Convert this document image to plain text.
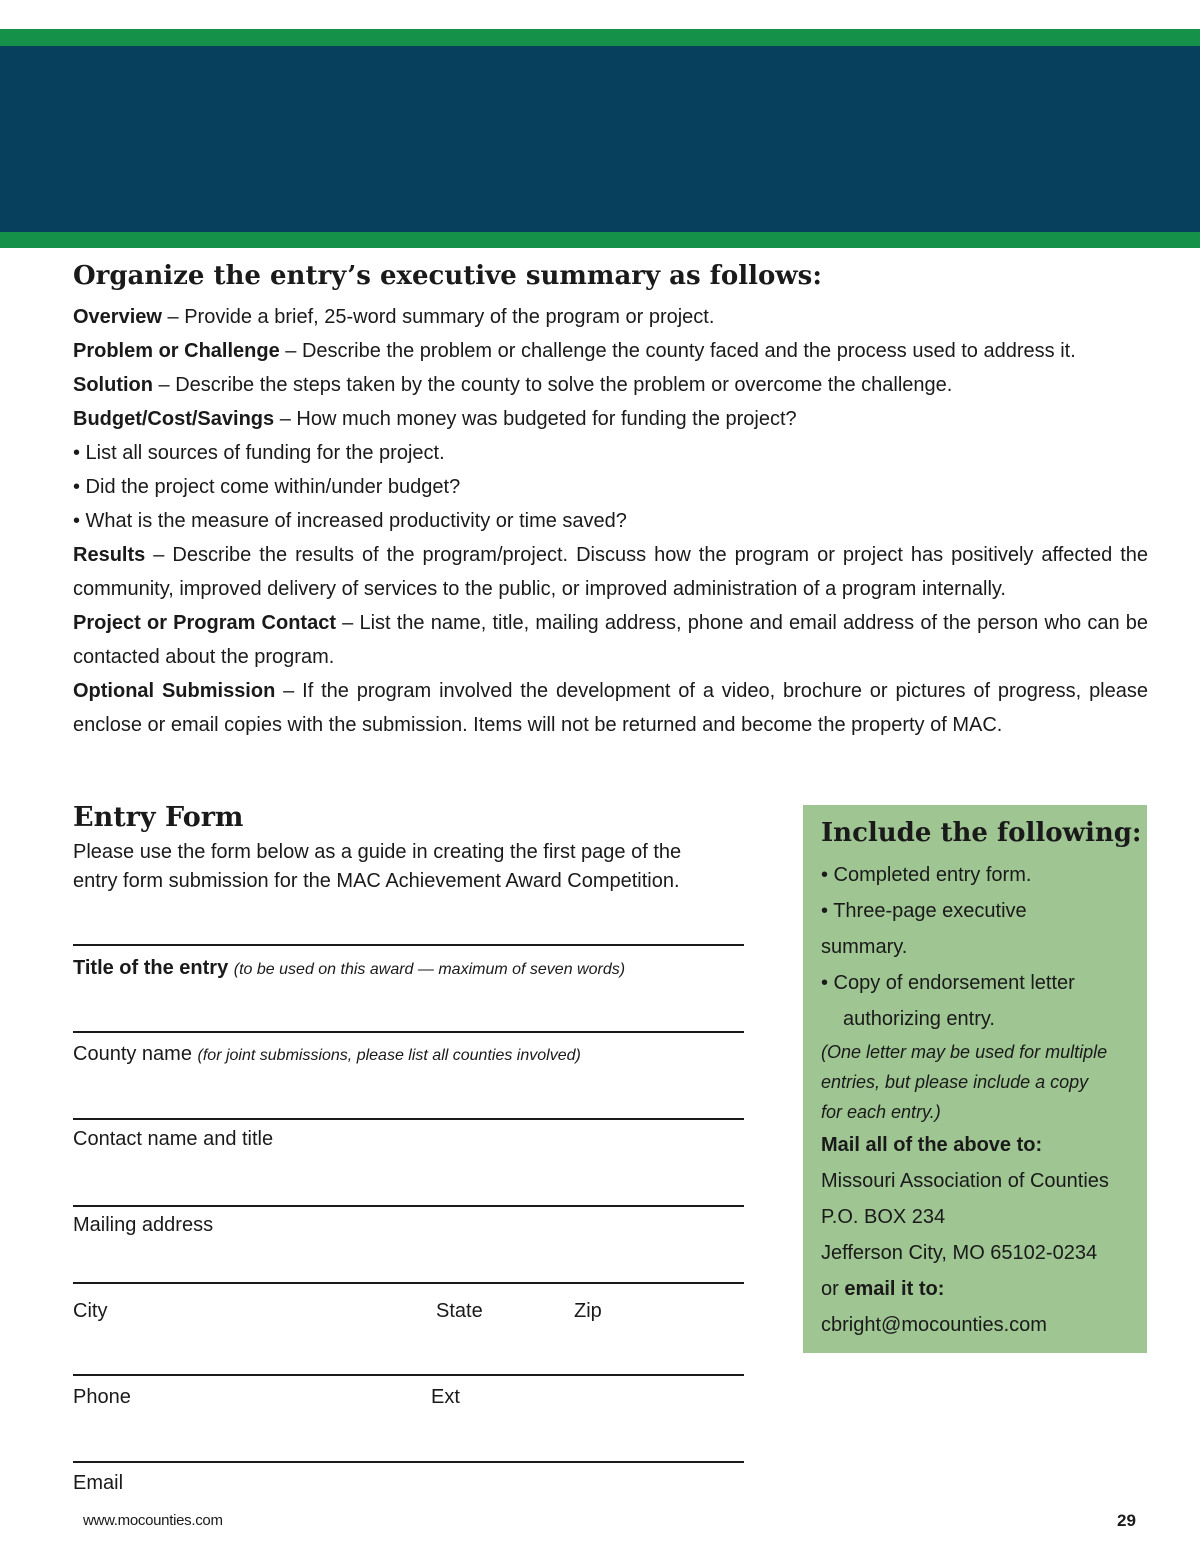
Organize the entry’s executive summary as follows:
Overview – Provide a brief, 25-word summary of the program or project.
Problem or Challenge – Describe the problem or challenge the county faced and the process used to address it.
Solution – Describe the steps taken by the county to solve the problem or overcome the challenge.
Budget/Cost/Savings – How much money was budgeted for funding the project?
• List all sources of funding for the project.
• Did the project come within/under budget?
• What is the measure of increased productivity or time saved?
Results – Describe the results of the program/project. Discuss how the program or project has positively affected the community, improved delivery of services to the public, or improved administration of a program internally.
Project or Program Contact – List the name, title, mailing address, phone and email address of the person who can be contacted about the program.
Optional Submission – If the program involved the development of a video, brochure or pictures of progress, please enclose or email copies with the submission. Items will not be returned and become the property of MAC.
Entry Form
Please use the form below as a guide in creating the first page of the
entry form submission for the MAC Achievement Award Competition.
Title of the entry (to be used on this award — maximum of seven words)
County name (for joint submissions, please list all counties involved)
Contact name and title
Mailing address
City	State	Zip
Phone	Ext
Email
Include the following:
• Completed entry form.
• Three-page executive
summary.
• Copy of endorsement letter
authorizing entry.
(One letter may be used for multiple
entries, but please include a copy
for each entry.)
Mail all of the above to:
Missouri Association of Counties
P.O. BOX 234
Jefferson City, MO 65102-0234
or email it to:
cbright@mocounties.com
www.mocounties.com	29
